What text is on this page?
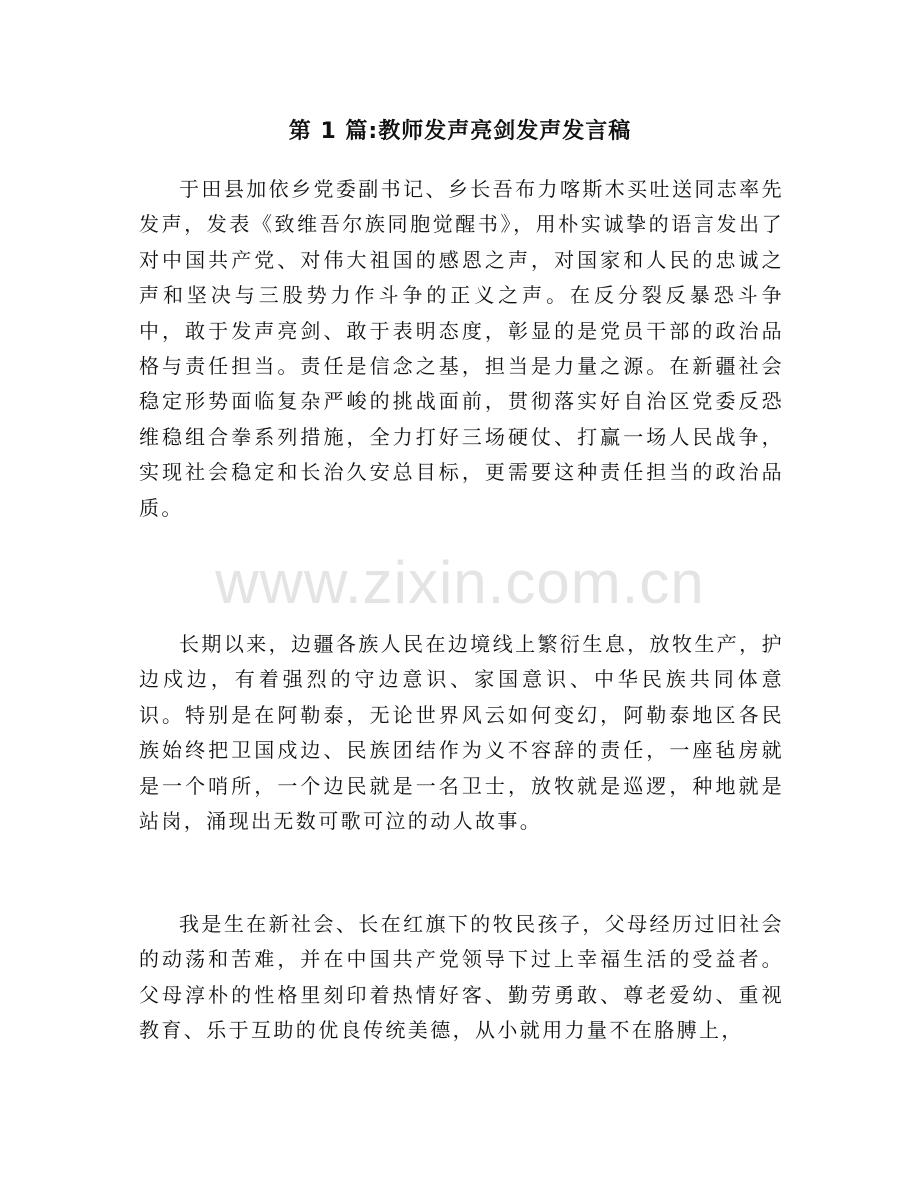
第 1 篇:教师发声亮剑发声发言稿

于田县加依乡党委副书记、乡长吾布力喀斯木买吐送同志率先发声，发表《致维吾尔族同胞觉醒书》，用朴实诚挚的语言发出了对中国共产党、对伟大祖国的感恩之声，对国家和人民的忠诚之声和坚决与三股势力作斗争的正义之声。在反分裂反暴恐斗争中，敢于发声亮剑、敢于表明态度，彰显的是党员干部的政治品格与责任担当。责任是信念之基，担当是力量之源。在新疆社会稳定形势面临复杂严峻的挑战面前，贯彻落实好自治区党委反恐维稳组合拳系列措施，全力打好三场硬仗、打赢一场人民战争，实现社会稳定和长治久安总目标，更需要这种责任担当的政治品质。

www.zixin.com.cn

长期以来，边疆各族人民在边境线上繁衍生息，放牧生产，护边戍边，有着强烈的守边意识、家国意识、中华民族共同体意识。特别是在阿勒泰，无论世界风云如何变幻，阿勒泰地区各民族始终把卫国戍边、民族团结作为义不容辞的责任，一座毡房就是一个哨所，一个边民就是一名卫士，放牧就是巡逻，种地就是站岗，涌现出无数可歌可泣的动人故事。

我是生在新社会、长在红旗下的牧民孩子，父母经历过旧社会的动荡和苦难，并在中国共产党领导下过上幸福生活的受益者。父母淳朴的性格里刻印着热情好客、勤劳勇敢、尊老爱幼、重视教育、乐于互助的优良传统美德，从小就用力量不在胳膊上，
